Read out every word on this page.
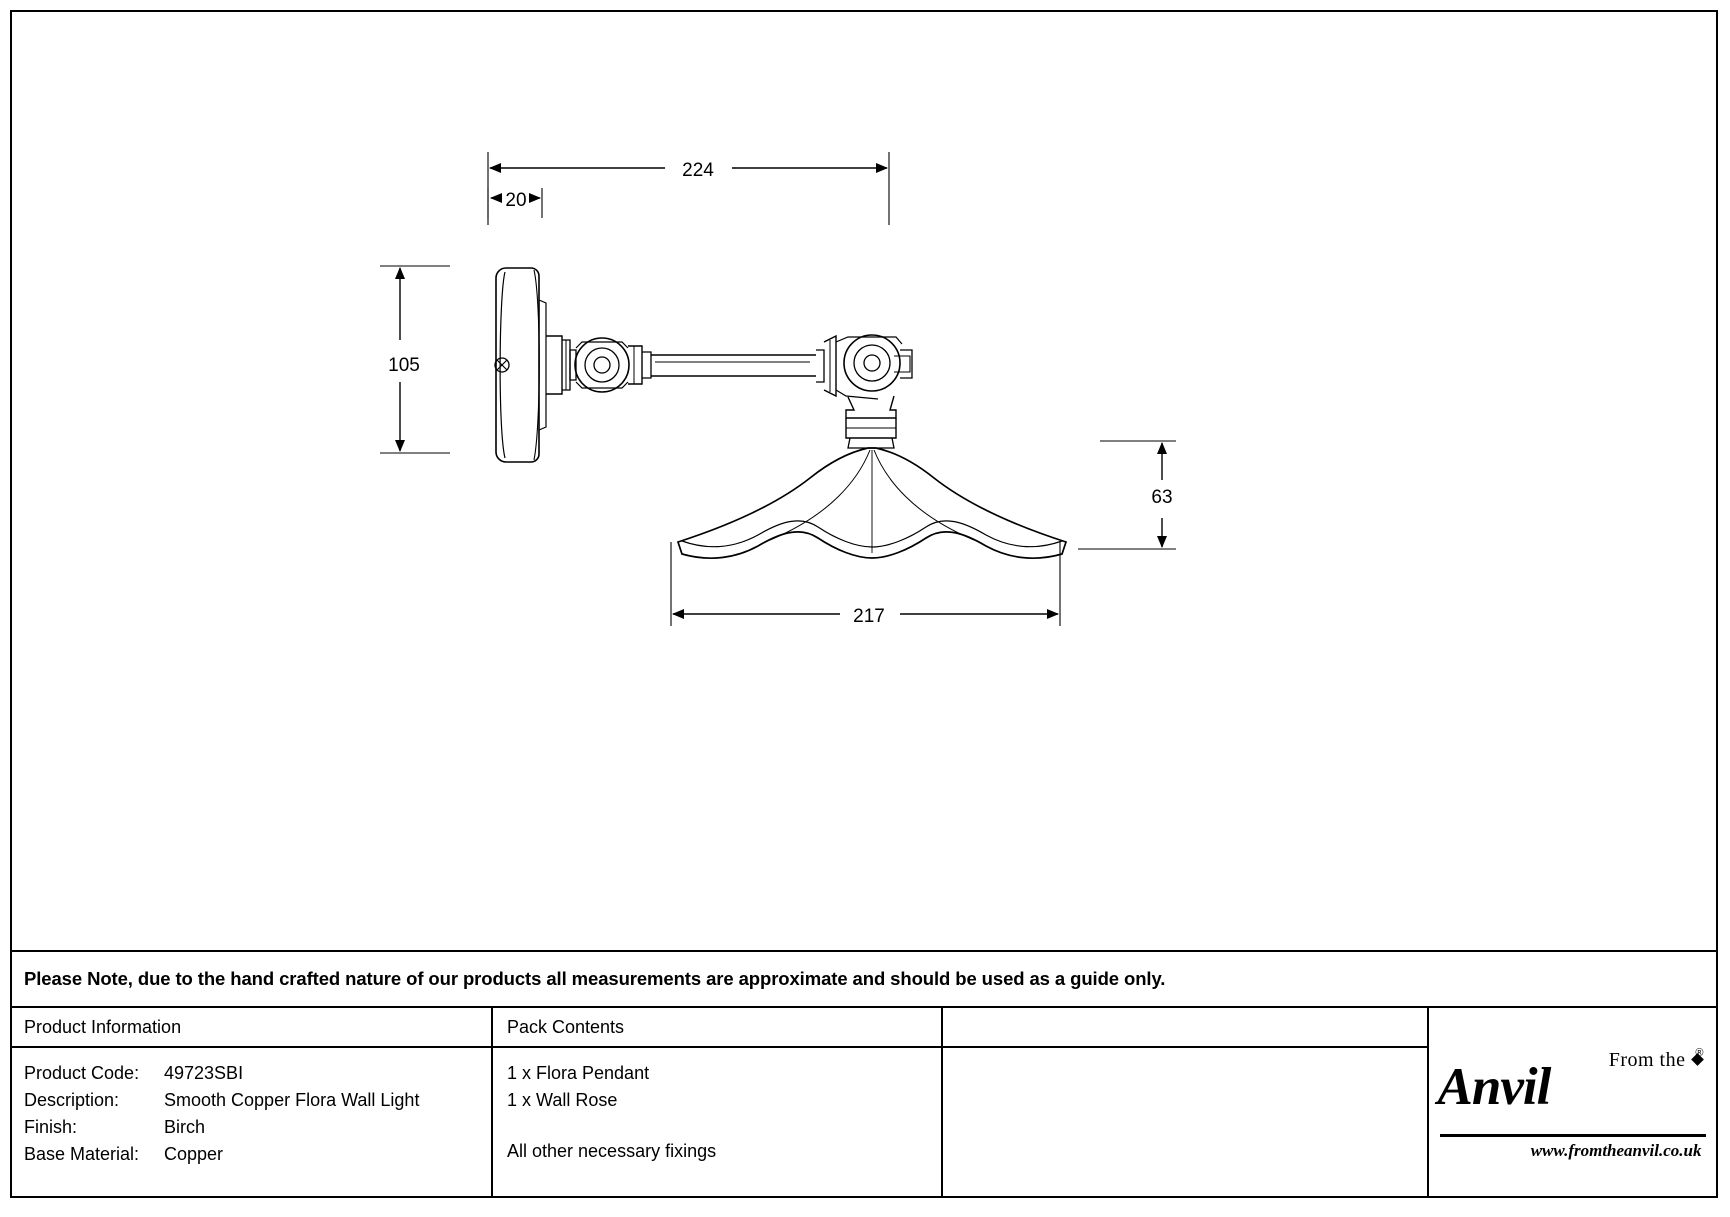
224
20
105
63
217
Please Note, due to the hand crafted nature of our products all measurements are approximate and should be used as a guide only.
Product Information
Product Code:	49723SBI
Description:	Smooth Copper Flora Wall Light
Finish:	Birch
Base Material:	Copper
Pack Contents
1 x Flora Pendant
1 x Wall Rose
All other necessary fixings
From the ®
Anvil
www.fromtheanvil.co.uk
